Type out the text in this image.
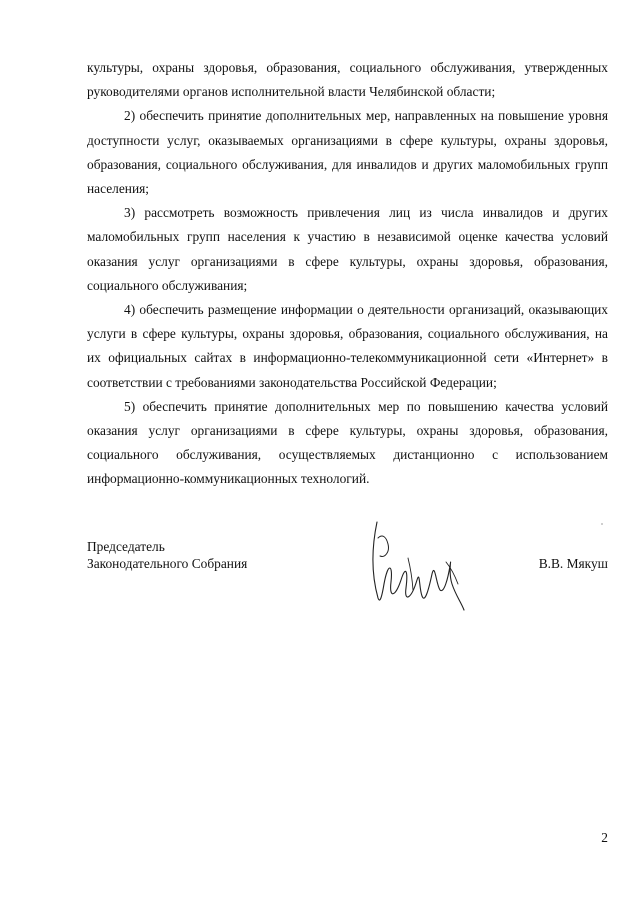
культуры, охраны здоровья, образования, социального обслуживания, утвержденных руководителями органов исполнительной власти Челябинской области;

2) обеспечить принятие дополнительных мер, направленных на повышение уровня доступности услуг, оказываемых организациями в сфере культуры, охраны здоровья, образования, социального обслуживания, для инвалидов и других маломобильных групп населения;

3) рассмотреть возможность привлечения лиц из числа инвалидов и других маломобильных групп населения к участию в независимой оценке качества условий оказания услуг организациями в сфере культуры, охраны здоровья, образования, социального обслуживания;

4) обеспечить размещение информации о деятельности организаций, оказывающих услуги в сфере культуры, охраны здоровья, образования, социального обслуживания, на их официальных сайтах в информационно-телекоммуникационной сети «Интернет» в соответствии с требованиями законодательства Российской Федерации;

5) обеспечить принятие дополнительных мер по повышению качества условий оказания услуг организациями в сфере культуры, охраны здоровья, образования, социального обслуживания, осуществляемых дистанционно с использованием информационно-коммуникационных технологий.

Председатель
Законодательного Собрания	В.В. Мякуш
2
